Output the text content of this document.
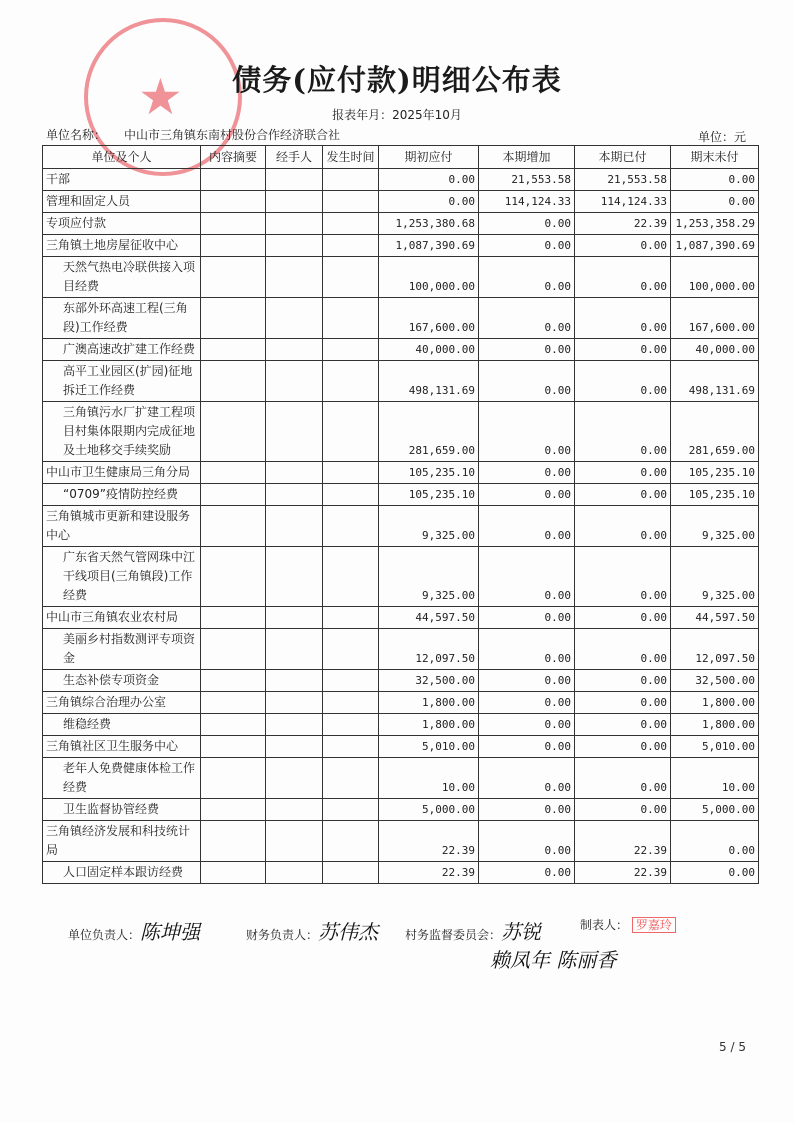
★	债务(应付款)明细公布表
报表年月：2025年10月
单位名称： 中山市三角镇东南村股份合作经济联合社	单位：元
单位及个人	内容摘要	经手人	发生时间	期初应付	本期增加	本期已付	期末未付
干部				0.00	21,553.58	21,553.58	0.00
管理和固定人员				0.00	114,124.33	114,124.33	0.00
专项应付款				1,253,380.68	0.00	22.39	1,253,358.29
三角镇土地房屋征收中心				1,087,390.69	0.00	0.00	1,087,390.69
天然气热电冷联供接入项目经费				100,000.00	0.00	0.00	100,000.00
东部外环高速工程(三角段)工作经费				167,600.00	0.00	0.00	167,600.00
广澳高速改扩建工作经费				40,000.00	0.00	0.00	40,000.00
高平工业园区(扩园)征地拆迁工作经费				498,131.69	0.00	0.00	498,131.69
三角镇污水厂扩建工程项目村集体限期内完成征地及土地移交手续奖励				281,659.00	0.00	0.00	281,659.00
中山市卫生健康局三角分局				105,235.10	0.00	0.00	105,235.10
“0709”疫情防控经费				105,235.10	0.00	0.00	105,235.10
三角镇城市更新和建设服务中心				9,325.00	0.00	0.00	9,325.00
广东省天然气管网珠中江干线项目(三角镇段)工作经费				9,325.00	0.00	0.00	9,325.00
中山市三角镇农业农村局				44,597.50	0.00	0.00	44,597.50
美丽乡村指数测评专项资金				12,097.50	0.00	0.00	12,097.50
生态补偿专项资金				32,500.00	0.00	0.00	32,500.00
三角镇综合治理办公室				1,800.00	0.00	0.00	1,800.00
维稳经费				1,800.00	0.00	0.00	1,800.00
三角镇社区卫生服务中心				5,010.00	0.00	0.00	5,010.00
老年人免费健康体检工作经费				10.00	0.00	0.00	10.00
卫生监督协管经费				5,000.00	0.00	0.00	5,000.00
三角镇经济发展和科技统计局				22.39	0.00	22.39	0.00
人口固定样本跟访经费				22.39	0.00	22.39	0.00
单位负责人：陈坤强	财务负责人：苏伟杰 村务监督委员会：苏锐
赖凤年 陈丽香
制表人： 罗嘉玲
5 / 5
